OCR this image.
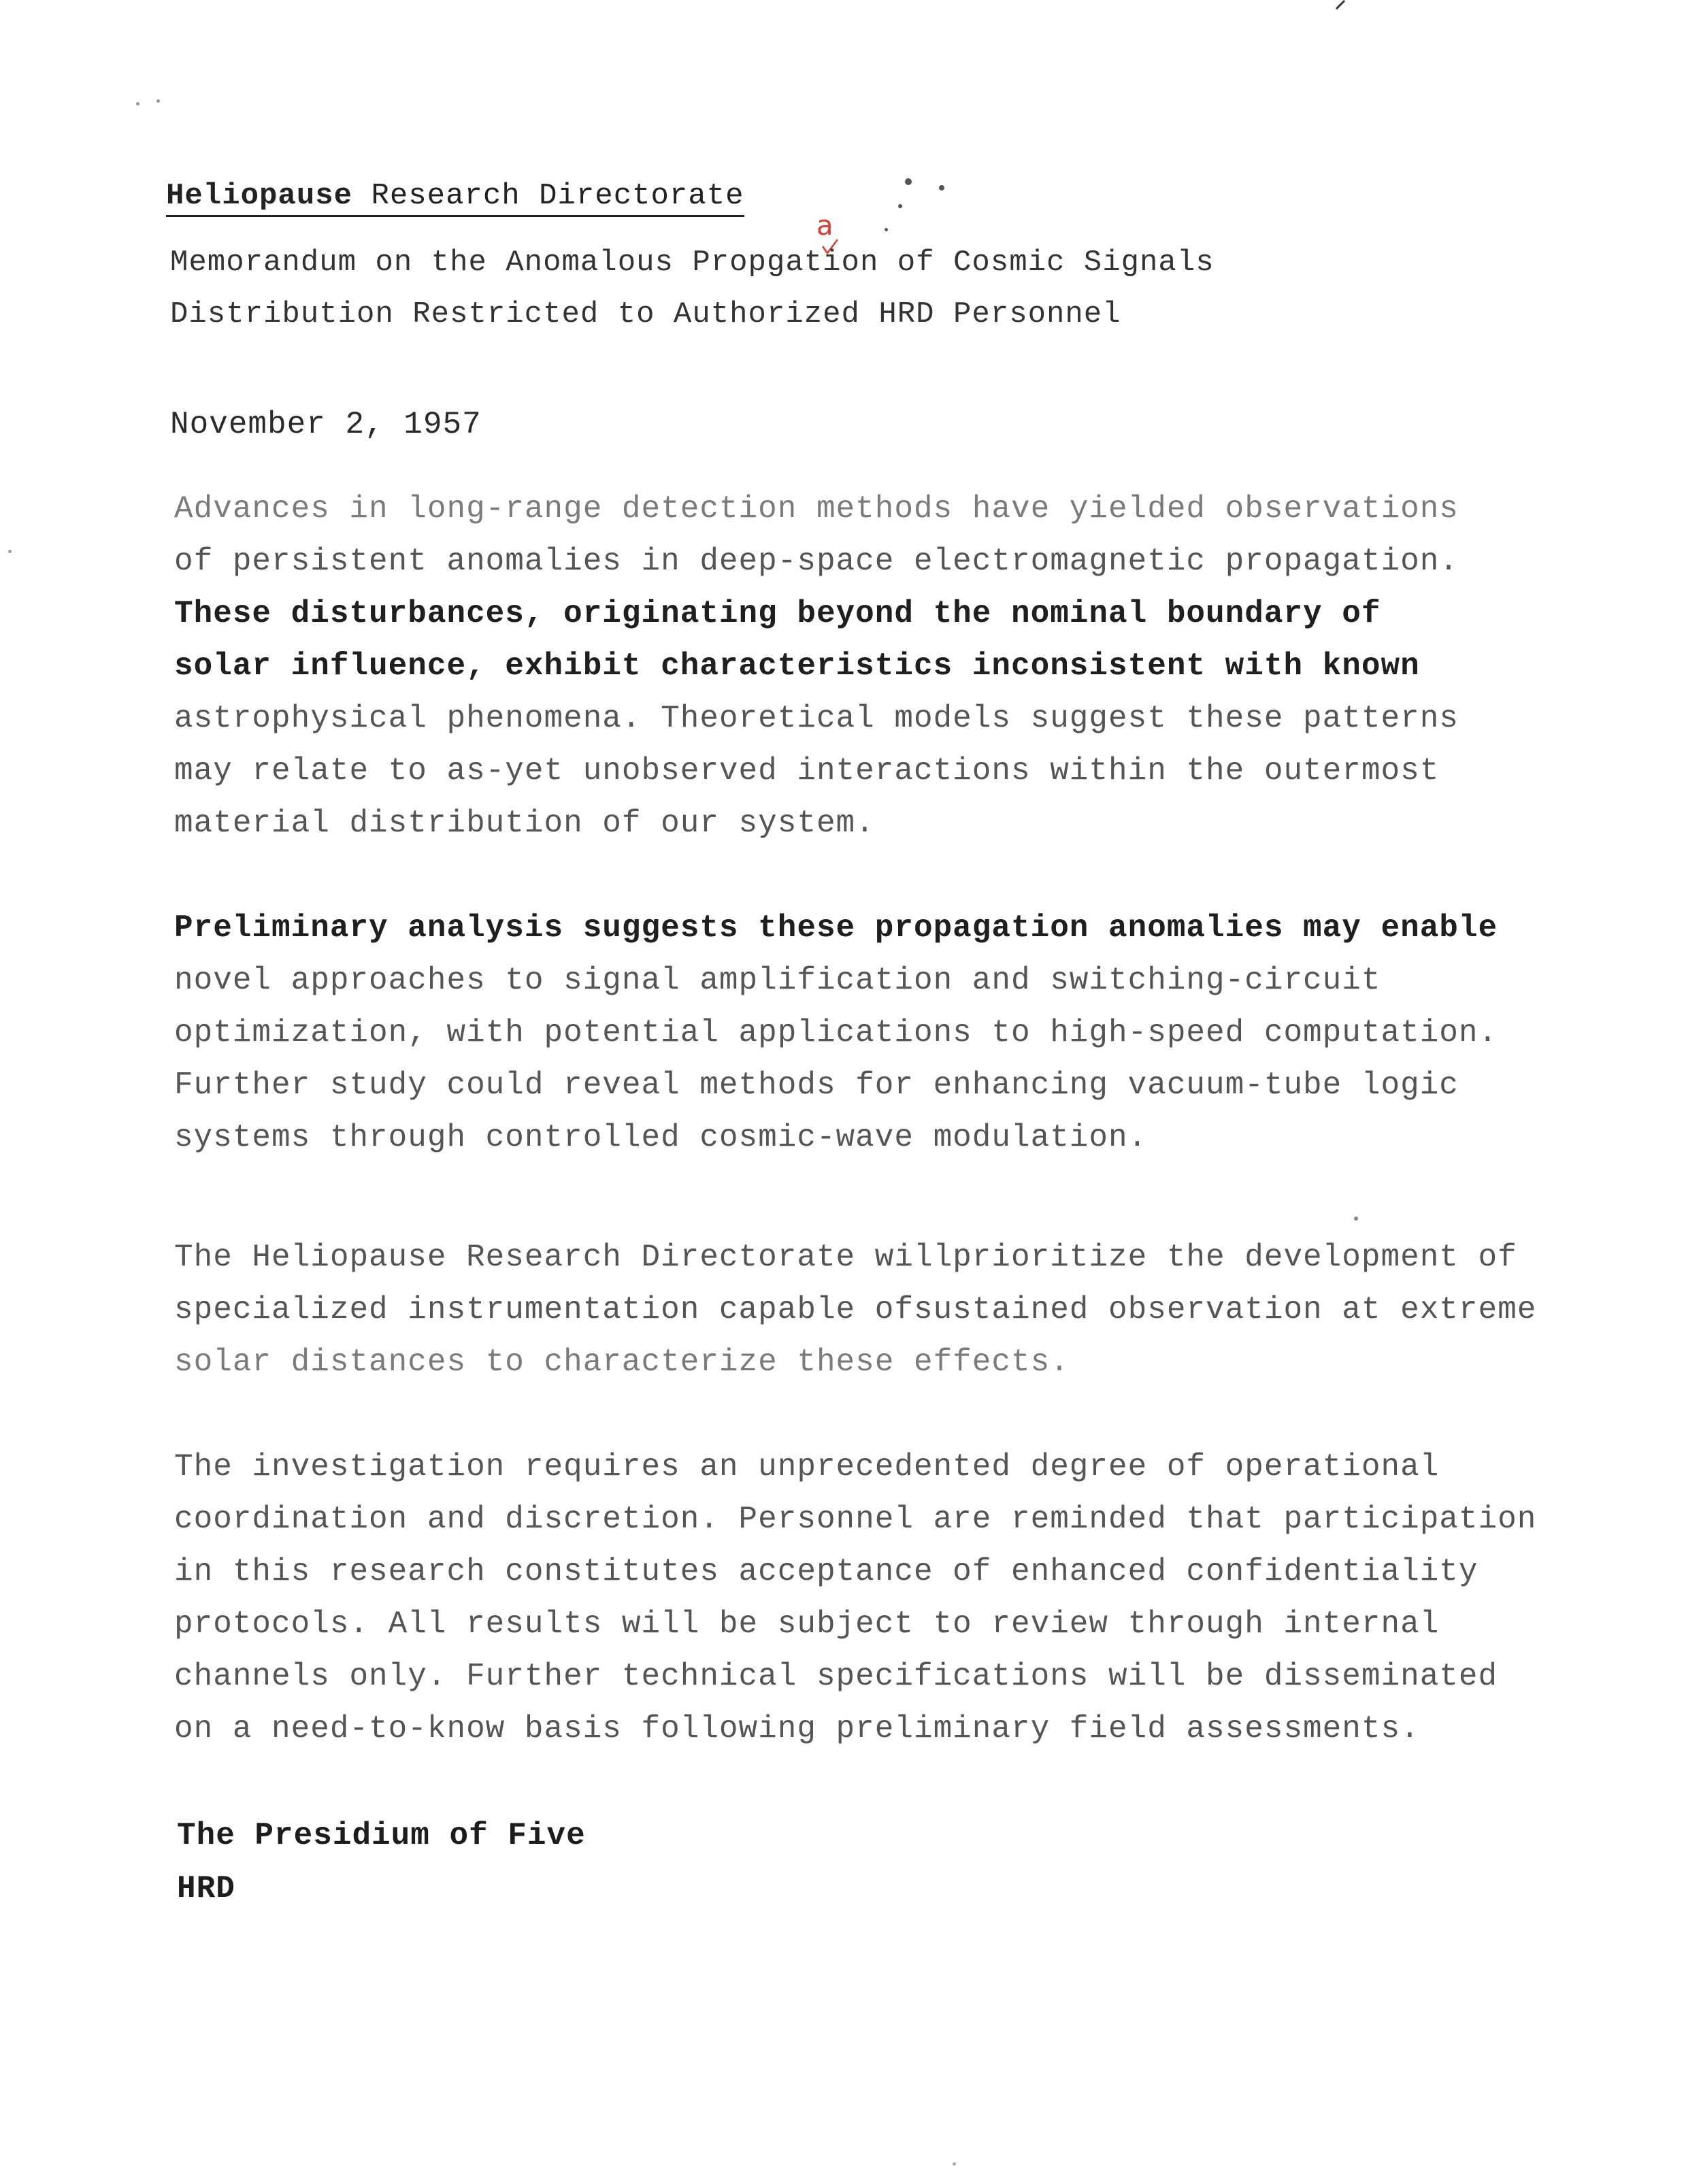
Heliopause Research Directorate
a
Memorandum on the Anomalous Propgation of Cosmic Signals
Distribution Restricted to Authorized HRD Personnel
November 2, 1957
Advances in long-range detection methods have yielded observations
of persistent anomalies in deep-space electromagnetic propagation.
These disturbances, originating beyond the nominal boundary of
solar influence, exhibit characteristics inconsistent with known
astrophysical phenomena. Theoretical models suggest these patterns
may relate to as-yet unobserved interactions within the outermost
material distribution of our system.
Preliminary analysis suggests these propagation anomalies may enable
novel approaches to signal amplification and switching-circuit
optimization, with potential applications to high-speed computation.
Further study could reveal methods for enhancing vacuum-tube logic
systems through controlled cosmic-wave modulation.
The Heliopause Research Directorate willprioritize the development of
specialized instrumentation capable ofsustained observation at extreme
solar distances to characterize these effects.
The investigation requires an unprecedented degree of operational
coordination and discretion. Personnel are reminded that participation
in this research constitutes acceptance of enhanced confidentiality
protocols. All results will be subject to review through internal
channels only. Further technical specifications will be disseminated
on a need-to-know basis following preliminary field assessments.
The Presidium of Five
HRD
